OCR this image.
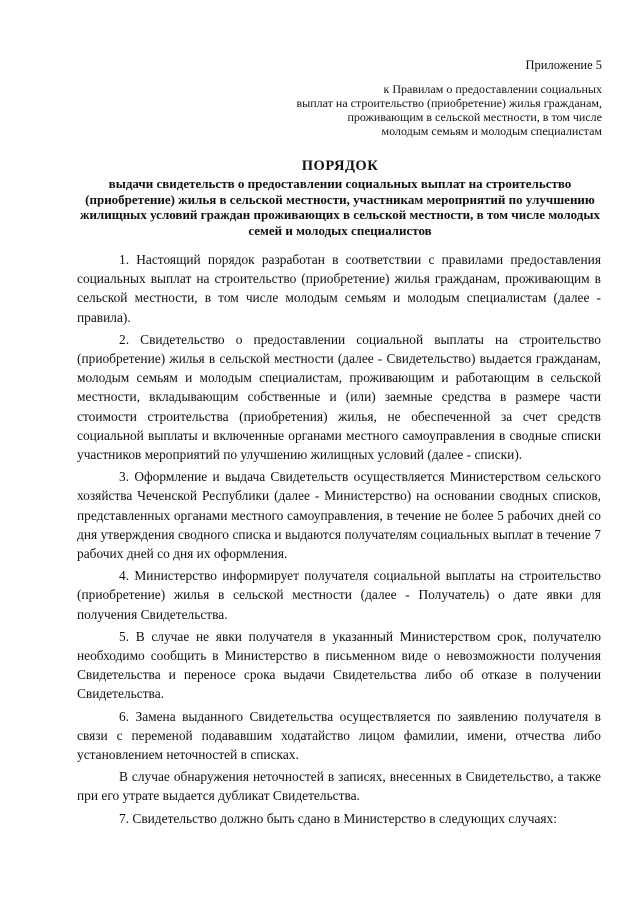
Приложение 5
к Правилам о предоставлении социальных
выплат на строительство (приобретение) жилья гражданам,
проживающим в сельской местности, в том числе
молодым семьям и молодым специалистам
ПОРЯДОК
выдачи свидетельств о предоставлении социальных выплат на строительство (приобретение) жилья в сельской местности, участникам мероприятий по улучшению жилищных условий граждан проживающих в сельской местности, в том числе молодых семей и молодых специалистов

1. Настоящий порядок разработан в соответствии с правилами предоставления социальных выплат на строительство (приобретение) жилья гражданам, проживающим в сельской местности, в том числе молодым семьям и молодым специалистам (далее - правила).

2. Свидетельство о предоставлении социальной выплаты на строительство (приобретение) жилья в сельской местности (далее - Свидетельство) выдается гражданам, молодым семьям и молодым специалистам, проживающим и работающим в сельской местности, вкладывающим собственные и (или) заемные средства в размере части стоимости строительства (приобретения) жилья, не обеспеченной за счет средств социальной выплаты и включенные органами местного самоуправления в сводные списки участников мероприятий по улучшению жилищных условий (далее - списки).

3. Оформление и выдача Свидетельств осуществляется Министерством сельского хозяйства Чеченской Республики (далее - Министерство) на основании сводных списков, представленных органами местного самоуправления, в течение не более 5 рабочих дней со дня утверждения сводного списка и выдаются получателям социальных выплат в течение 7 рабочих дней со дня их оформления.

4. Министерство информирует получателя социальной выплаты на строительство (приобретение) жилья в сельской местности (далее - Получатель) о дате явки для получения Свидетельства.

5. В случае не явки получателя в указанный Министерством срок, получателю необходимо сообщить в Министерство в письменном виде о невозможности получения Свидетельства и переносе срока выдачи Свидетельства либо об отказе в получении Свидетельства.

6. Замена выданного Свидетельства осуществляется по заявлению получателя в связи с переменой подававшим ходатайство лицом фамилии, имени, отчества либо установлением неточностей в списках.

В случае обнаружения неточностей в записях, внесенных в Свидетельство, а также при его утрате выдается дубликат Свидетельства.

7. Свидетельство должно быть сдано в Министерство в следующих случаях:
